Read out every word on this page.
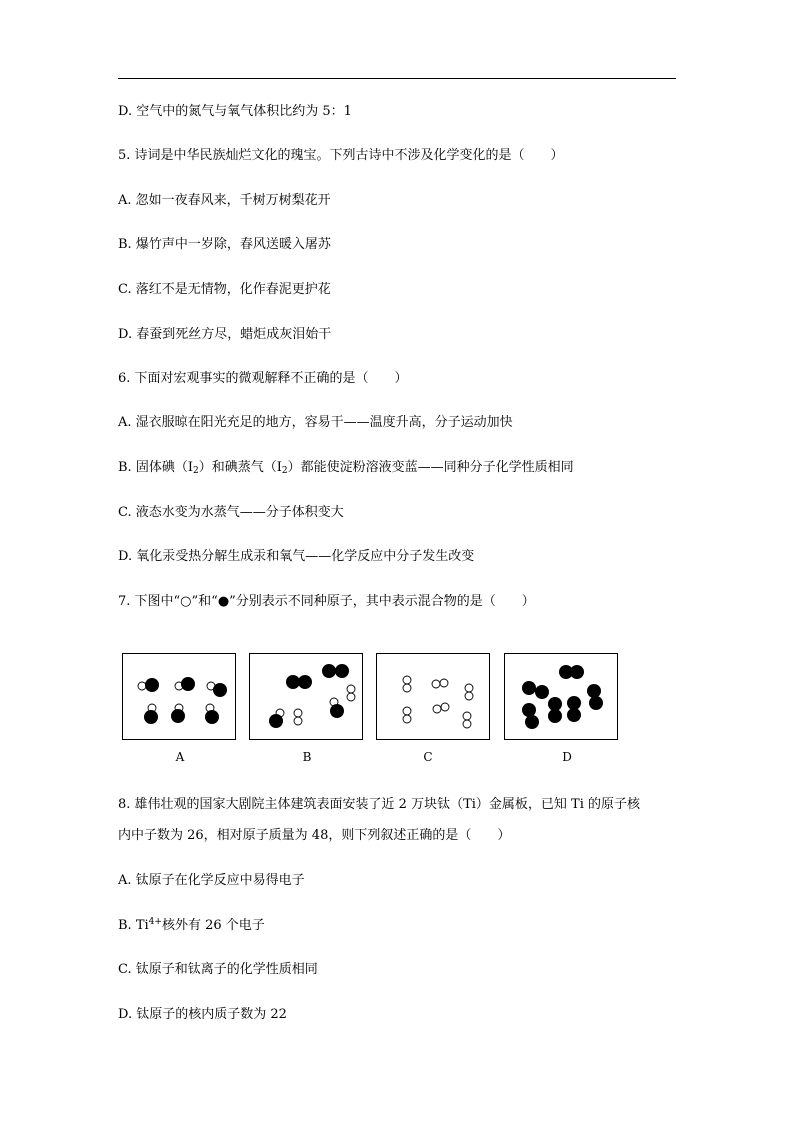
D. 空气中的氮气与氧气体积比约为 5：1
5. 诗词是中华民族灿烂文化的瑰宝。下列古诗中不涉及化学变化的是（　　）
A. 忽如一夜春风来，千树万树梨花开
B. 爆竹声中一岁除，春风送暖入屠苏
C. 落红不是无情物，化作春泥更护花
D. 春蚕到死丝方尽，蜡炬成灰泪始干
6. 下面对宏观事实的微观解释不正确的是（　　）
A. 湿衣服晾在阳光充足的地方，容易干——温度升高，分子运动加快
B. 固体碘$(I_2)$和碘蒸气$(I_2)$都能使淀粉溶液变蓝——同种分子化学性质相同
C. 液态水变为水蒸气——分子体积变大
D. 氧化汞受热分解生成汞和氧气——化学反应中分子发生改变
7. 下图中“○”和“●”分别表示不同种原子，其中表示混合物的是（　　）
A	B	C	D
8. 雄伟壮观的国家大剧院主体建筑表面安装了近 2 万块钛（Ti）金属板，已知 Ti 的原子核
内中子数为 26，相对原子质量为 48，则下列叙述正确的是（　　）
A. 钛原子在化学反应中易得电子
B. $Ti^{4+}$核外有 26 个电子
C. 钛原子和钛离子的化学性质相同
D. 钛原子的核内质子数为 22
